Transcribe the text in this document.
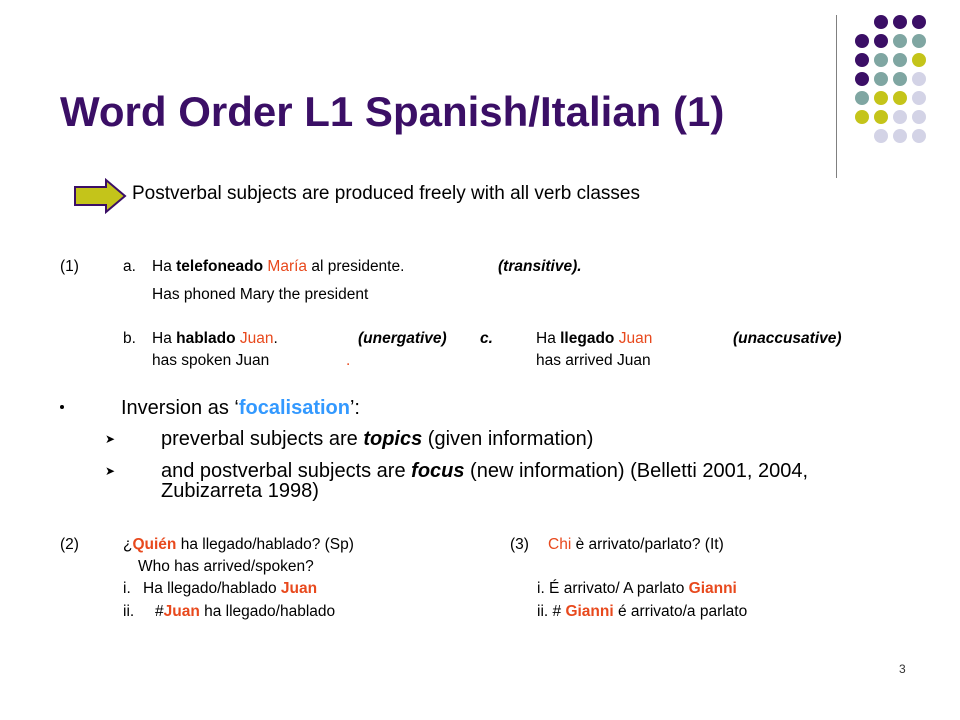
Word Order L1 Spanish/Italian (1)
Postverbal subjects are produced freely with all verb classes
(1)	a. Ha telefoneado María al presidente.	(transitive).
Has phoned Mary the president
b. Ha hablado Juan.	(unergative) c.	Ha llegado Juan	(unaccusative)
has spoken Juan	.	has arrived Juan
Inversion as ‘focalisation’:
➤ preverbal subjects are topics (given information)
➤ and postverbal subjects are focus (new information) (Belletti 2001, 2004,
Zubizarreta 1998)
(2)	¿Quién ha llegado/hablado? (Sp)
Who has arrived/spoken?
i. Ha llegado/hablado Juan
ii. #Juan ha llegado/hablado
(3) Chi è arrivato/parlato? (It)
i. É arrivato/ A parlato Gianni
ii. # Gianni é arrivato/a parlato
3
